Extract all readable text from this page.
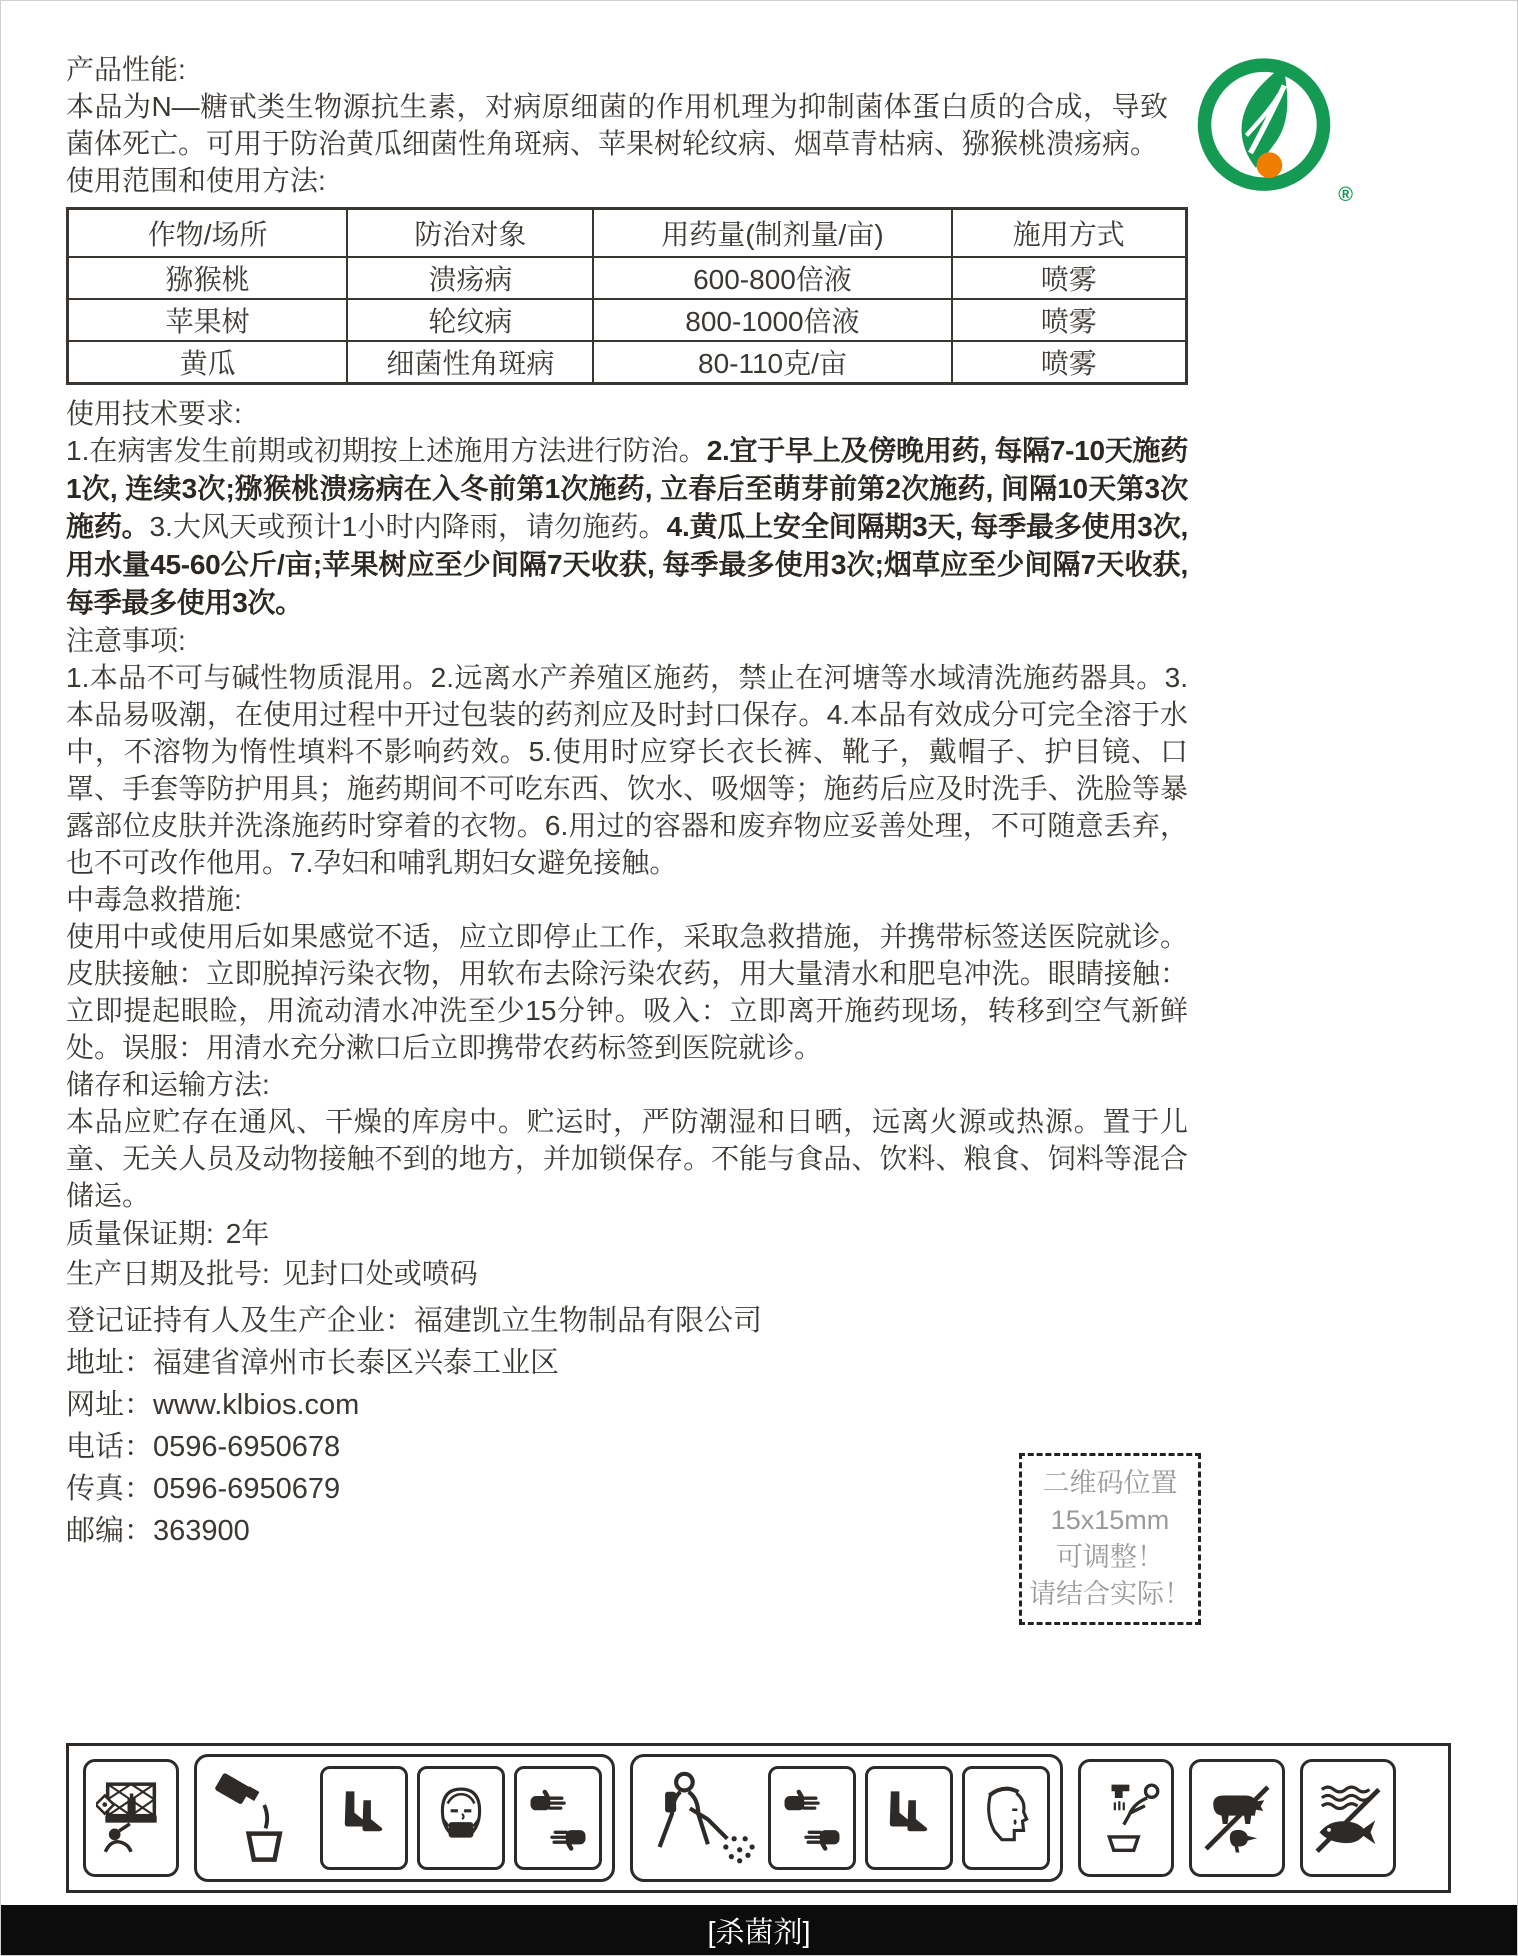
®

产品性能:

本品为N—糖甙类生物源抗生素，对病原细菌的作用机理为抑制菌体蛋白质的合成，导致菌体死亡。可用于防治黄瓜细菌性角斑病、苹果树轮纹病、烟草青枯病、猕猴桃溃疡病。

使用范围和使用方法:

作物/场所	防治对象	用药量(制剂量/亩)	施用方式
猕猴桃	溃疡病	600-800倍液	喷雾
苹果树	轮纹病	800-1000倍液	喷雾
黄瓜	细菌性角斑病	80-110克/亩	喷雾

使用技术要求:

1.在病害发生前期或初期按上述施用方法进行防治。2.宜于早上及傍晚用药, 每隔7-10天施药1次, 连续3次;猕猴桃溃疡病在入冬前第1次施药, 立春后至萌芽前第2次施药, 间隔10天第3次施药。3.大风天或预计1小时内降雨，请勿施药。4.黄瓜上安全间隔期3天, 每季最多使用3次, 用水量45-60公斤/亩;苹果树应至少间隔7天收获, 每季最多使用3次;烟草应至少间隔7天收获, 每季最多使用3次。

注意事项:

1.本品不可与碱性物质混用。2.远离水产养殖区施药，禁止在河塘等水域清洗施药器具。3.本品易吸潮，在使用过程中开过包装的药剂应及时封口保存。4.本品有效成分可完全溶于水中，不溶物为惰性填料不影响药效。5.使用时应穿长衣长裤、靴子，戴帽子、护目镜、口罩、手套等防护用具；施药期间不可吃东西、饮水、吸烟等；施药后应及时洗手、洗脸等暴露部位皮肤并洗涤施药时穿着的衣物。6.用过的容器和废弃物应妥善处理，不可随意丢弃，也不可改作他用。7.孕妇和哺乳期妇女避免接触。

中毒急救措施:

使用中或使用后如果感觉不适，应立即停止工作，采取急救措施，并携带标签送医院就诊。皮肤接触：立即脱掉污染衣物，用软布去除污染农药，用大量清水和肥皂冲洗。眼睛接触：立即提起眼睑，用流动清水冲洗至少15分钟。吸入：立即离开施药现场，转移到空气新鲜处。误服：用清水充分漱口后立即携带农药标签到医院就诊。

储存和运输方法:

本品应贮存在通风、干燥的库房中。贮运时，严防潮湿和日晒，远离火源或热源。置于儿童、无关人员及动物接触不到的地方，并加锁保存。不能与食品、饮料、粮食、饲料等混合储运。

质量保证期: 2年

生产日期及批号: 见封口处或喷码

登记证持有人及生产企业：福建凯立生物制品有限公司

地址：福建省漳州市长泰区兴泰工业区

网址：www.klbios.com

电话：0596-6950678

传真：0596-6950679

邮编：363900

二维码位置
15x15mm
可调整！
请结合实际！
[杀菌剂]
